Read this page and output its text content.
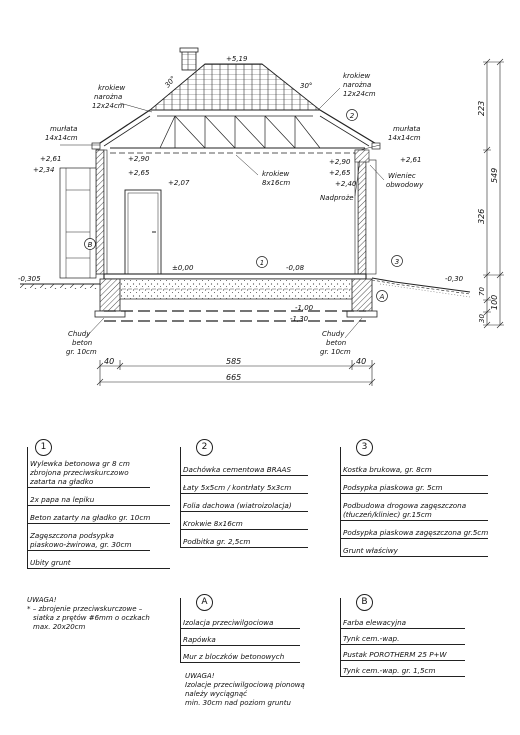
1
2
3
A
B
krokiew
narożna
12x24cm
krokiew
narożna
12x24cm
murłata
14x14cm
murłata
14x14cm
krokiew
8x16cm
Wieniec
obwodowy
Nadproże
Chudy
beton
gr. 10cm
Chudy
beton
gr. 10cm
30°	30°
+5,19
+2,61
+2,34
+2,90
+2,65
+2,07
+2,90	+2,61
+2,65
+2,40
±0,00	-0,08
-0,305	-0,30
-1,00
-1,30
40	585	40
665
223
549
326
70
30
100
1
Wylewka betonowa gr 8 cm zbrojona przeciwskurczowo zatarta na gładko
2x papa na lepiku
Beton zatarty na gładko gr. 10cm
Zagęszczona podsypka piaskowo-żwirowa, gr. 30cm
Ubity grunt
2
Dachówka cementowa BRAAS
Łaty 5x5cm / kontrłaty 5x3cm
Folia dachowa (wiatroizolacja)
Krokwie 8x16cm
Podbitka gr. 2,5cm
3
Kostka brukowa, gr. 8cm
Podsypka piaskowa gr. 5cm
Podbudowa drogowa zagęszczona (tłuczeń/kliniec) gr.15cm
Podsypka piaskowa zagęszczona gr.5cm
Grunt właściwy
UWAGA!
* – zbrojenie przeciwskurczowe –
siatka z prętów #6mm o oczkach
max. 20x20cm
A
Izolacja przeciwilgociowa
Rapówka
Mur z bloczków betonowych
B
Farba elewacyjna
Tynk cem.-wap.
Pustak POROTHERM 25 P+W
Tynk cem.-wap. gr. 1,5cm
UWAGA!
Izolacje przeciwilgociową pionową
należy wyciągnąć
min. 30cm nad poziom gruntu
